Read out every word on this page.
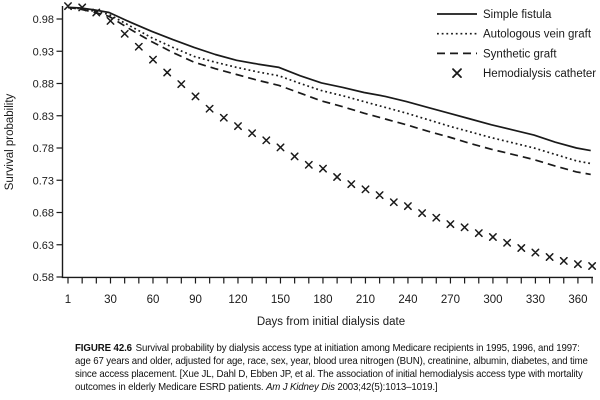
0.98
0.93
0.88
0.83
0.78
0.73
0.68
0.63
0.58
1	30	60	90 120 150 180 210 240 270 300 330 360
Days from initial dialysis date
Survival probability
Simple fistula
Autologous vein graft
Synthetic graft
Hemodialysis catheter
FIGURE 42.6 Survival probability by dialysis access type at initiation among Medicare recipients in 1995, 1996, and 1997: age 67 years and older, adjusted for age, race, sex, year, blood urea nitrogen (BUN), creatinine, albumin, diabetes, and time since access placement. [Xue JL, Dahl D, Ebben JP, et al. The association of initial hemodialysis access type with mortality outcomes in elderly Medicare ESRD patients. Am J Kidney Dis 2003;42(5):1013–1019.]
